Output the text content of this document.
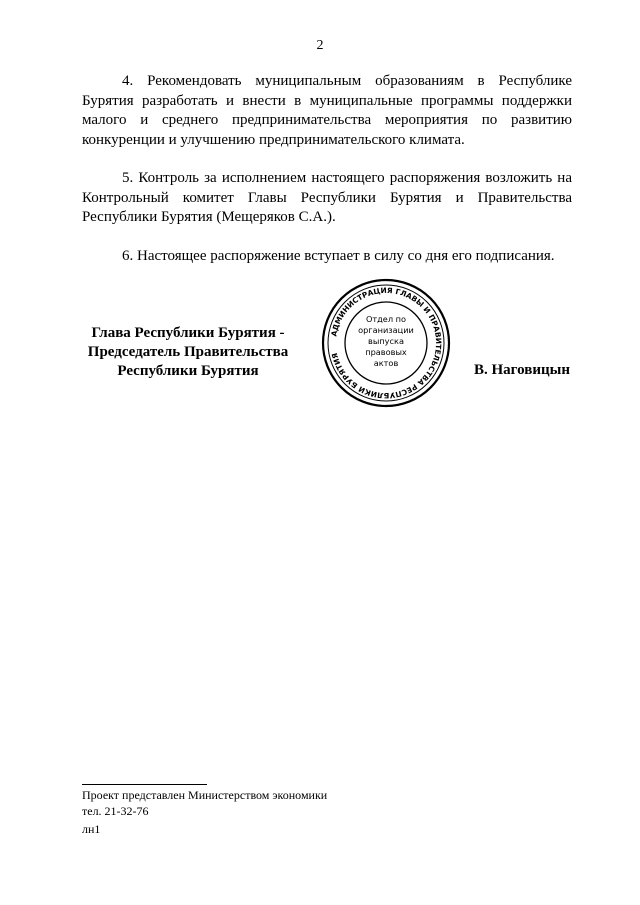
2

4. Рекомендовать муниципальным образованиям в Республике Бурятия разработать и внести в муниципальные программы поддержки малого и среднего предпринимательства мероприятия по развитию конкуренции и улучшению предпринимательского климата.

5. Контроль за исполнением настоящего распоряжения возложить на Контрольный комитет Главы Республики Бурятия и Правительства Республики Бурятия (Мещеряков С.А.).

6. Настоящее распоряжение вступает в силу со дня его подписания.

Глава Республики Бурятия -
Председатель Правительства
Республики Бурятия
АДМИНИСТРАЦИЯ ГЛАВЫ И ПРАВИТЕЛЬСТВА РЕСПУБЛИКИ БУРЯТИЯ
Отдел по
организации
выпуска
правовых
актов	В. Наговицын
Проект представлен Министерством экономики
тел. 21-32-76
лн1
